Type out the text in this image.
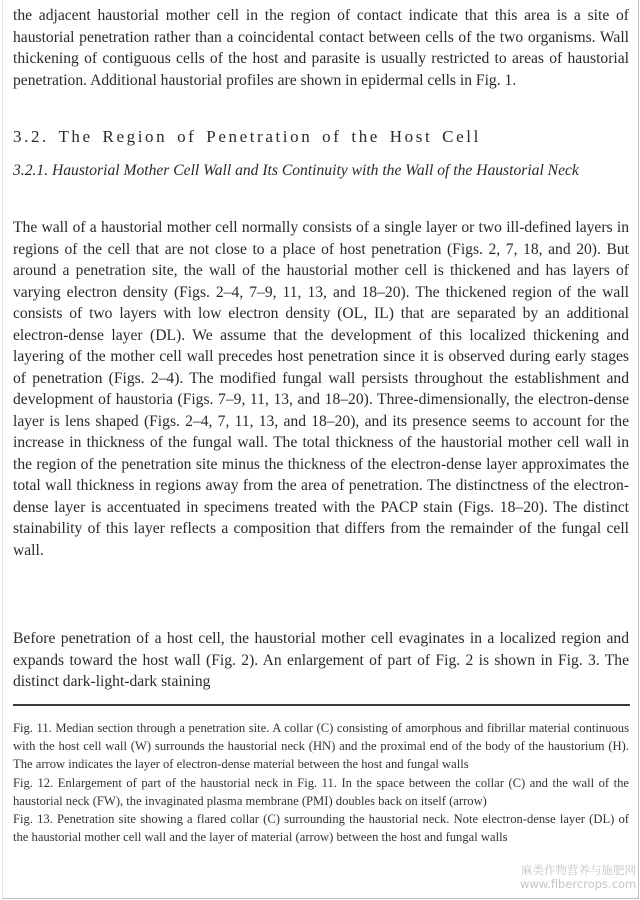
the adjacent haustorial mother cell in the region of contact indicate that this area is a site of haustorial penetration rather than a coincidental contact between cells of the two organisms. Wall thickening of contiguous cells of the host and parasite is usually restricted to areas of haustorial penetration. Additional haustorial profiles are shown in epidermal cells in Fig. 1.

3.2. The Region of Penetration of the Host Cell
3.2.1. Haustorial Mother Cell Wall and Its Continuity with the Wall of the Haustorial Neck

The wall of a haustorial mother cell normally consists of a single layer or two ill-defined layers in regions of the cell that are not close to a place of host penetration (Figs. 2, 7, 18, and 20). But around a penetration site, the wall of the haustorial mother cell is thickened and has layers of varying electron density (Figs. 2–4, 7–9, 11, 13, and 18–20). The thickened region of the wall consists of two layers with low electron density (OL, IL) that are separated by an additional electron-dense layer (DL). We assume that the development of this localized thickening and layering of the mother cell wall precedes host penetration since it is observed during early stages of penetration (Figs. 2–4). The modified fungal wall persists throughout the establishment and development of haustoria (Figs. 7–9, 11, 13, and 18–20). Three-dimensionally, the electron-dense layer is lens shaped (Figs. 2–4, 7, 11, 13, and 18–20), and its presence seems to account for the increase in thickness of the fungal wall. The total thickness of the haustorial mother cell wall in the region of the penetration site minus the thickness of the electron-dense layer approximates the total wall thickness in regions away from the area of penetration. The distinctness of the electron-dense layer is accentuated in specimens treated with the PACP stain (Figs. 18–20). The distinct stainability of this layer reflects a composition that differs from the remainder of the fungal cell wall.

Before penetration of a host cell, the haustorial mother cell evaginates in a localized region and expands toward the host wall (Fig. 2). An enlargement of part of Fig. 2 is shown in Fig. 3. The distinct dark-light-dark staining

Fig. 11. Median section through a penetration site. A collar (C) consisting of amorphous and fibrillar material continuous with the host cell wall (W) surrounds the haustorial neck (HN) and the proximal end of the body of the haustorium (H). The arrow indicates the layer of electron-dense material between the host and fungal walls

Fig. 12. Enlargement of part of the haustorial neck in Fig. 11. In the space between the collar (C) and the wall of the haustorial neck (FW), the invaginated plasma membrane (PMI) doubles back on itself (arrow)

Fig. 13. Penetration site showing a flared collar (C) surrounding the haustorial neck. Note electron-dense layer (DL) of the haustorial mother cell wall and the layer of material (arrow) between the host and fungal walls

麻类作物营养与施肥网
www.fibercrops.com
